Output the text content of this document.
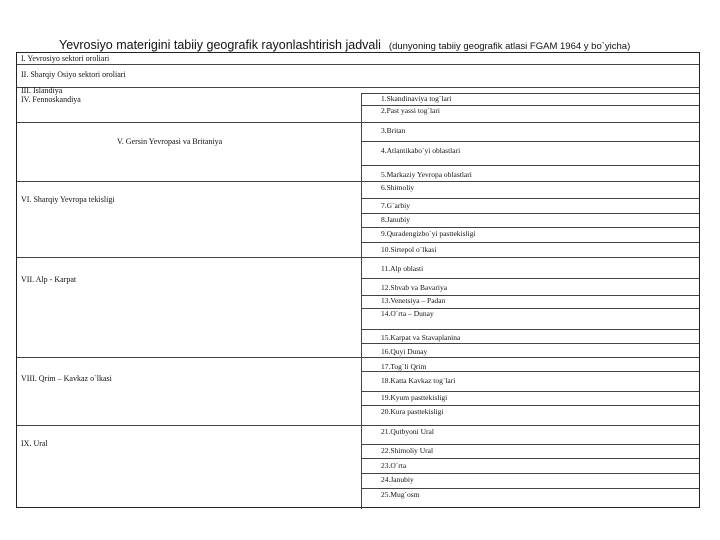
Yevrosiyo materigini tabiiy geografik rayonlashtirish jadvali (dunyoning tabiiy geografik atlasi FGAM 1964 y bo`yicha)
I. Yevrosiyo sektori oroliari
II. Sharqiy Osiyo sektori oroliari
III. Islandiya
IV. Fennoskandiya
V. Gersin Yevropasi va Britaniya
VI. Sharqiy Yevropa tekisligi
VII. Alp - Karpat
VIII. Qrim – Kavkaz o`lkasi
IX. Ural
1.Skandinaviya tog`lari
2.Past yassi tog`lari
3.Britan
4.Atlantikabo`yi oblastlari
5.Markaziy Yevropa oblastlari
6.Shimoliy
7.G`arbiy
8.Janubiy
9.Quradengizbo`yi pasttekisligi
10.Sirtepol o`lkasi
11.Alp oblasti
12.Shvab va Bavariya
13.Venetsiya – Padan
14.O`rta – Dunay
15.Karpat va Stavaplanina
16.Quyi Dunay
17.Tog`li Qrim
18.Katta Kavkaz tog`lari
19.Kyum pasttekisligi
20.Kura pasttekisligi
21.Qutbyoni Ural
22.Shimoliy Ural
23.O`rta
24.Janubiy
25.Mug`osm
